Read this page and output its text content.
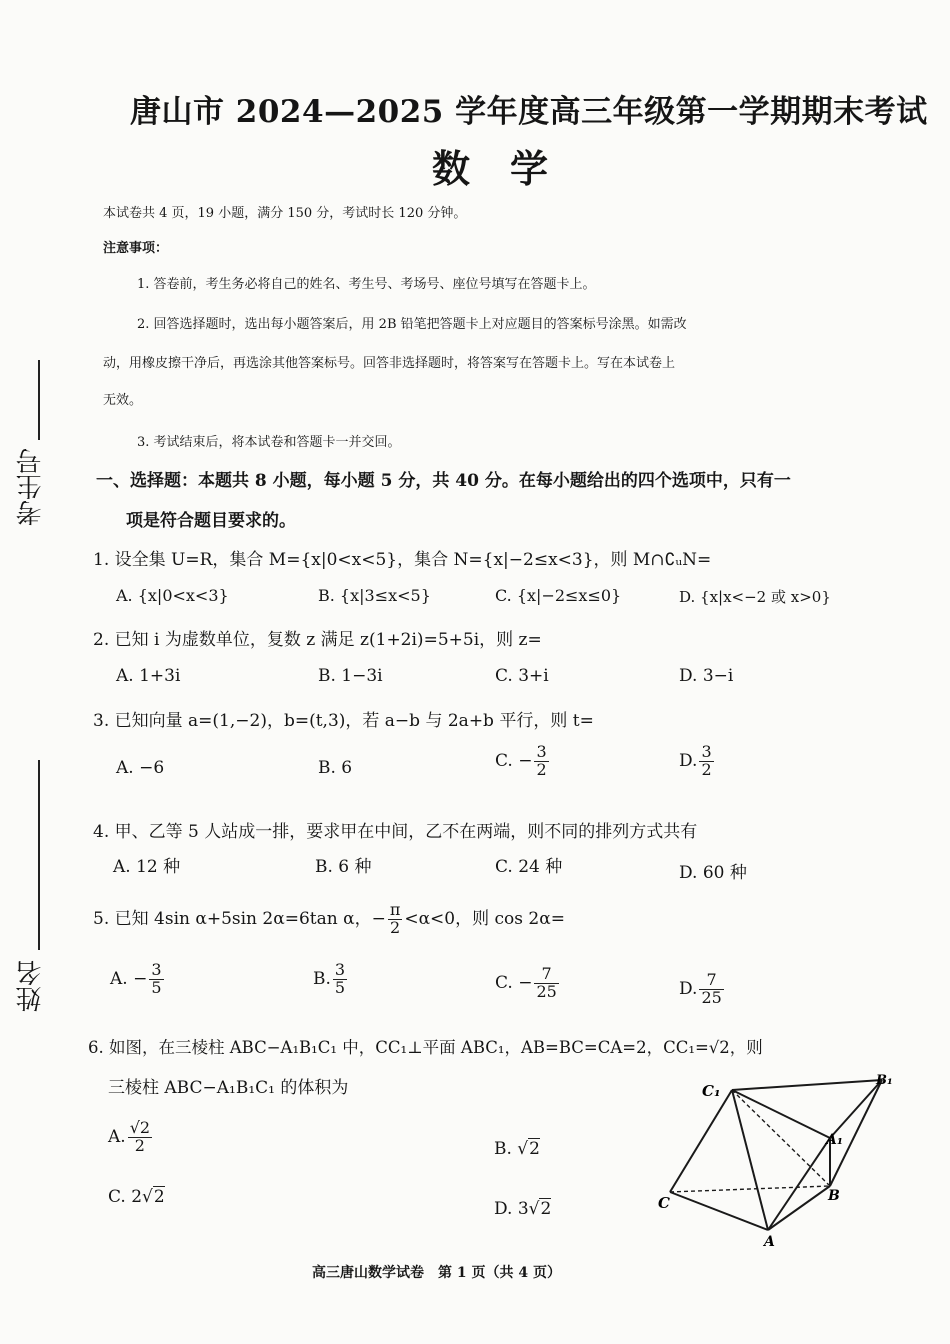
考生号
姓名
唐山市 2024—2025 学年度高三年级第一学期期末考试
数学
本试卷共 4 页，19 小题，满分 150 分，考试时长 120 分钟。
注意事项：
1. 答卷前，考生务必将自己的姓名、考生号、考场号、座位号填写在答题卡上。
2. 回答选择题时，选出每小题答案后，用 2B 铅笔把答题卡上对应题目的答案标号涂黑。如需改
动，用橡皮擦干净后，再选涂其他答案标号。回答非选择题时，将答案写在答题卡上。写在本试卷上
无效。
3. 考试结束后，将本试卷和答题卡一并交回。
一、选择题：本题共 8 小题，每小题 5 分，共 40 分。在每小题给出的四个选项中，只有一
项是符合题目要求的。
1. 设全集 U=R，集合 M={x|0<x<5}，集合 N={x|−2≤x<3}，则 M∩∁ᵤN=
A. {x|0<x<3}	B. {x|3≤x<5}	C. {x|−2≤x≤0}	D. {x|x<−2 或 x>0}
2. 已知 i 为虚数单位，复数 z 满足 z(1+2i)=5+5i，则 z=
A. 1+3i	B. 1−3i	C. 3+i	D. 3−i
3. 已知向量 a=(1,−2)，b=(t,3)，若 a−b 与 2a+b 平行，则 t=
A. −6	B. 6	C. − $\frac{3}{2}$	D. $\frac{3}{2}$
4. 甲、乙等 5 人站成一排，要求甲在中间，乙不在两端，则不同的排列方式共有
A. 12 种	B. 6 种	C. 24 种	D. 60 种
5. 已知 4sin α+5sin 2α=6tan α，− $\frac{\pi}{2} <\alpha<0$，则 cos 2α=
A. − $\frac{3}{5}$	B. $\frac{3}{5}$	C. − $\frac{7}{25}$	D. $\frac{7}{25}$
6. 如图，在三棱柱 ABC−A₁B₁C₁ 中，CC₁⊥平面 ABC₁，AB=BC=CA=2，CC₁=√2，则
三棱柱 ABC−A₁B₁C₁ 的体积为
A. $\frac{√2}{2}$	B. √2
C. 2√2
D. 3√2
C₁
B₁
A₁
C	B
A
高三唐山数学试卷　第 1 页（共 4 页）
